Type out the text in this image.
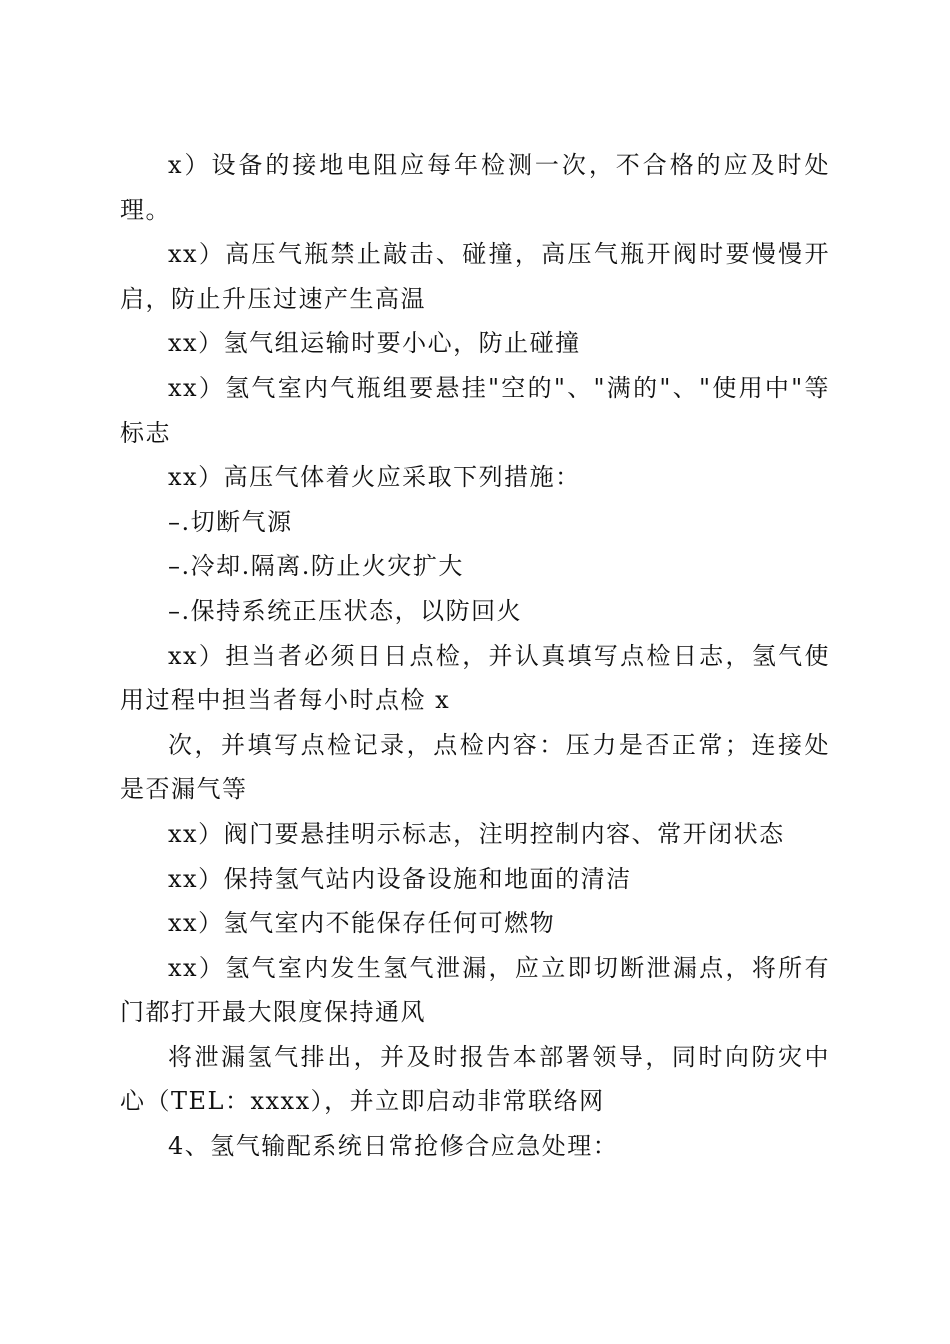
x）设备的接地电阻应每年检测一次，不合格的应及时处理。

xx）高压气瓶禁止敲击、碰撞，高压气瓶开阀时要慢慢开启，防止升压过速产生高温

xx）氢气组运输时要小心，防止碰撞

xx）氢气室内气瓶组要悬挂"空的"、"满的"、"使用中"等标志

xx）高压气体着火应采取下列措施：

–.切断气源

–.冷却.隔离.防止火灾扩大

–.保持系统正压状态，以防回火

xx）担当者必须日日点检，并认真填写点检日志，氢气使用过程中担当者每小时点检 x

次，并填写点检记录，点检内容：压力是否正常；连接处是否漏气等

xx）阀门要悬挂明示标志，注明控制内容、常开闭状态

xx）保持氢气站内设备设施和地面的清洁

xx）氢气室内不能保存任何可燃物

xx）氢气室内发生氢气泄漏，应立即切断泄漏点，将所有门都打开最大限度保持通风

将泄漏氢气排出，并及时报告本部署领导，同时向防灾中心（TEL：xxxx），并立即启动非常联络网

4、氢气输配系统日常抢修合应急处理：
